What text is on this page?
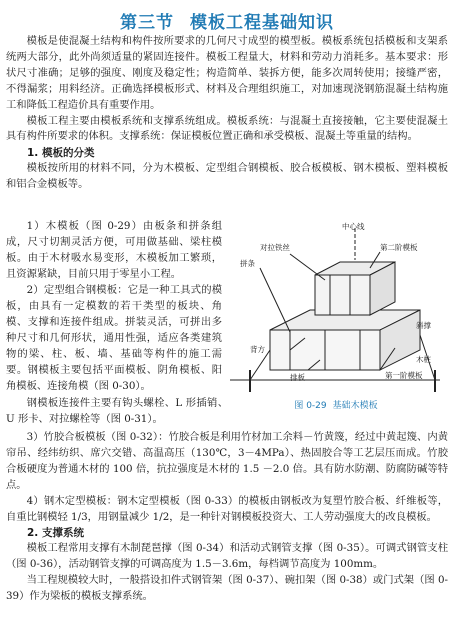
第三节 模板工程基础知识

模板是使混凝土结构和构件按所要求的几何尺寸成型的模型板。模板系统包括模板和支架系统两大部分，此外尚须适量的紧固连接件。模板工程量大，材料和劳动力消耗多。基本要求：形状尺寸准确；足够的强度、刚度及稳定性；构造简单、装拆方便，能多次周转使用；接缝严密，不得漏浆；用料经济。正确选择模板形式、材料及合理组织施工，对加速现浇钢筋混凝土结构施工和降低工程造价具有重要作用。

模板工程主要由模板系统和支撑系统组成。模板系统：与混凝土直接接触，它主要使混凝土具有构件所要求的体积。支撑系统：保证模板位置正确和承受模板、混凝土等重量的结构。

1. 模板的分类

模板按所用的材料不同，分为木模板、定型组合钢模板、胶合板模板、钢木模板、塑料模板和铝合金模板等。

1）木模板（图 0-29）由板条和拼条组成，尺寸切割灵活方便，可用做基础、梁柱模板。由于木材吸水易变形，木模板加工繁琐，且资源紧缺，目前只用于零星小工程。

2）定型组合钢模板：它是一种工具式的模板，由具有一定模数的若干类型的板块、角模、支撑和连接件组成。拼装灵活，可拼出多种尺寸和几何形状，通用性强，适应各类建筑物的梁、柱、板、墙、基础等构件的施工需要。钢模板主要包括平面模板、阴角模板、阳角模板、连接角模（图 0-30）。

中心线
对拉铁丝
拼条
第二阶模板
背方
排板	第一阶模板
斜撑
木桩
图 0-29 基础木模板

钢模板连接件主要有钩头螺栓、L 形插销、U 形卡、对拉螺栓等（图 0-31）。

3）竹胶合板模板（图 0-32）：竹胶合板是利用竹材加工余料－竹黄篾，经过中黄起篾、内黄帘吊、经纬纺织、席穴交错、高温高压（130℃，3－4MPa）、热固胶合等工艺层压而成。竹胶合板硬度为普通木材的 100 倍，抗拉强度是木材的 1.5 －2.0 倍。具有防水防潮、防腐防碱等特点。

4）钢木定型模板：钢木定型模板（图 0-33）的模板由钢板改为复塑竹胶合板、纤维板等，自重比钢模轻 1/3，用钢量减少 1/2，是一种针对钢模板投资大、工人劳动强度大的改良模板。

2. 支撑系统

模板工程常用支撑有木制琵琶撑（图 0-34）和活动式钢管支撑（图 0-35）。可调式钢管支柱（图 0-36），活动钢管支撑的可调高度为 1.5－3.6m，每档调节高度为 100mm。

当工程规模较大时，一般搭设扣件式钢管架（图 0-37）、碗扣架（图 0-38）或门式架（图 0-39）作为梁板的模板支撑系统。
